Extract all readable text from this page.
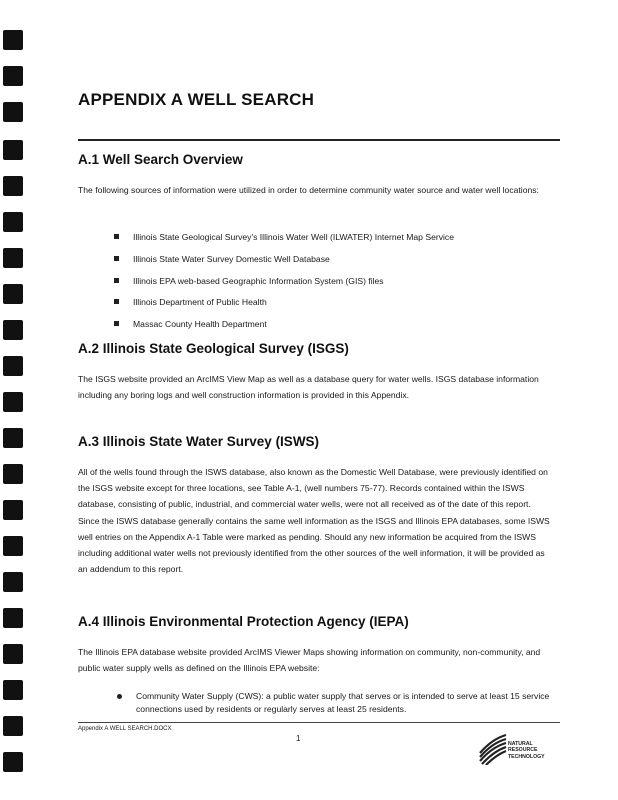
APPENDIX A WELL SEARCH
A.1 Well Search Overview
The following sources of information were utilized in order to determine community water source and water well locations:
Illinois State Geological Survey's Illinois Water Well (ILWATER) Internet Map Service
Illinois State Water Survey Domestic Well Database
Illinois EPA web-based Geographic Information System (GIS) files
Illinois Department of Public Health
Massac County Health Department
A.2 Illinois State Geological Survey (ISGS)
The ISGS website provided an ArcIMS View Map as well as a database query for water wells. ISGS database information including any boring logs and well construction information is provided in this Appendix.
A.3 Illinois State Water Survey (ISWS)
All of the wells found through the ISWS database, also known as the Domestic Well Database, were previously identified on the ISGS website except for three locations, see Table A-1, (well numbers 75-77). Records contained within the ISWS database, consisting of public, industrial, and commercial water wells, were not all received as of the date of this report. Since the ISWS database generally contains the same well information as the ISGS and Illinois EPA databases, some ISWS well entries on the Appendix A-1 Table were marked as pending. Should any new information be acquired from the ISWS including additional water wells not previously identified from the other sources of the well information, it will be provided as an addendum to this report.
A.4 Illinois Environmental Protection Agency (IEPA)
The Illinois EPA database website provided ArcIMS Viewer Maps showing information on community, non-community, and public water supply wells as defined on the Illinois EPA website:
Community Water Supply (CWS): a public water supply that serves or is intended to serve at least 15 service connections used by residents or regularly serves at least 25 residents.
Appendix A WELL SEARCH.DOCX
1
NATURAL
RESOURCE
TECHNOLOGY
